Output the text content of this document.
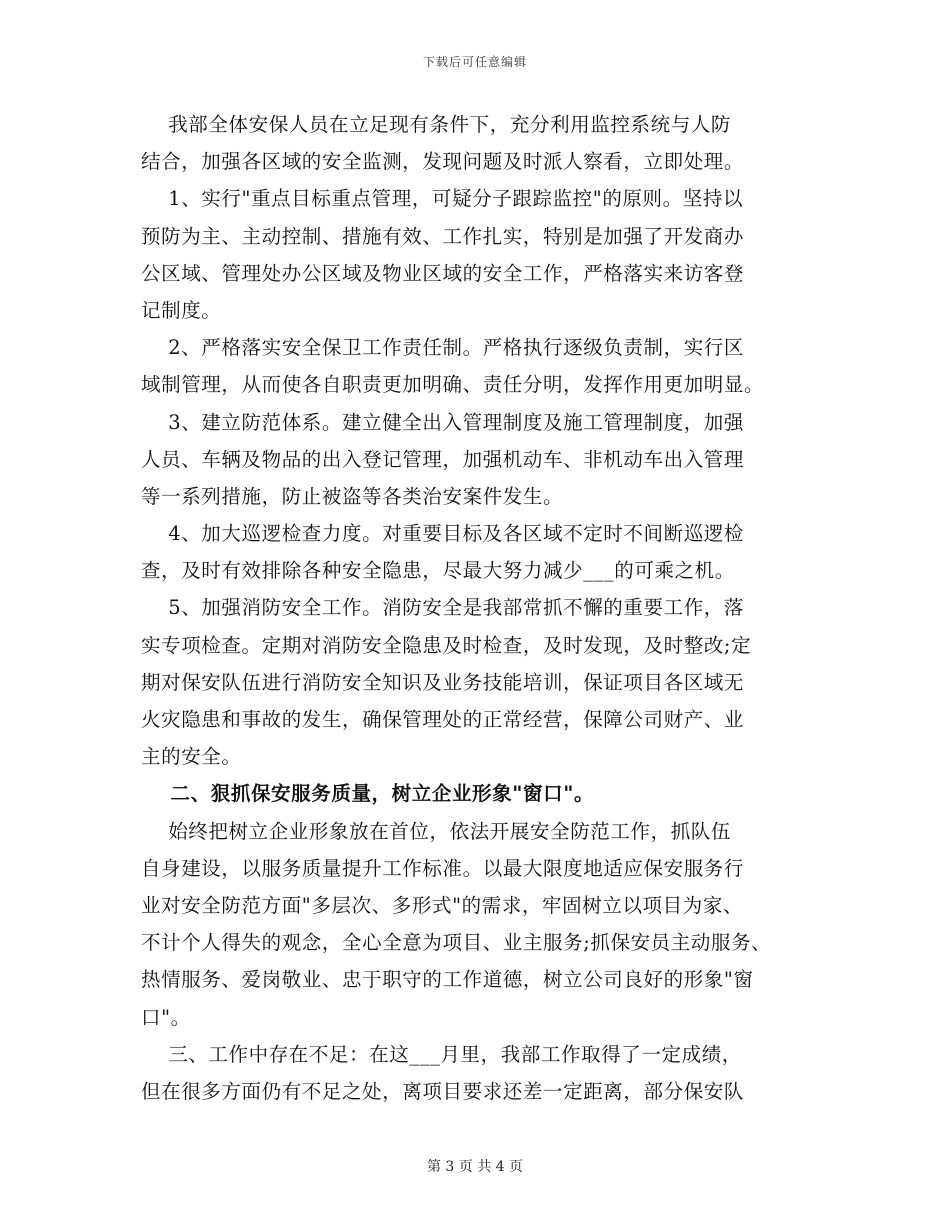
下载后可任意编辑
我部全体安保人员在立足现有条件下，充分利用监控系统与人防
结合，加强各区域的安全监测，发现问题及时派人察看，立即处理。
1、实行"重点目标重点管理，可疑分子跟踪监控"的原则。坚持以
预防为主、主动控制、措施有效、工作扎实，特别是加强了开发商办
公区域、管理处办公区域及物业区域的安全工作，严格落实来访客登
记制度。
2、严格落实安全保卫工作责任制。严格执行逐级负责制，实行区
域制管理，从而使各自职责更加明确、责任分明，发挥作用更加明显。
3、建立防范体系。建立健全出入管理制度及施工管理制度，加强
人员、车辆及物品的出入登记管理，加强机动车、非机动车出入管理
等一系列措施，防止被盗等各类治安案件发生。
4、加大巡逻检查力度。对重要目标及各区域不定时不间断巡逻检
查，及时有效排除各种安全隐患，尽最大努力减少___的可乘之机。
5、加强消防安全工作。消防安全是我部常抓不懈的重要工作，落
实专项检查。定期对消防安全隐患及时检查，及时发现，及时整改;定
期对保安队伍进行消防安全知识及业务技能培训，保证项目各区域无
火灾隐患和事故的发生，确保管理处的正常经营，保障公司财产、业
主的安全。
二、狠抓保安服务质量，树立企业形象"窗口"。
始终把树立企业形象放在首位，依法开展安全防范工作，抓队伍
自身建设，以服务质量提升工作标准。以最大限度地适应保安服务行
业对安全防范方面"多层次、多形式"的需求，牢固树立以项目为家、
不计个人得失的观念，全心全意为项目、业主服务;抓保安员主动服务、
热情服务、爱岗敬业、忠于职守的工作道德，树立公司良好的形象"窗
口"。
三、工作中存在不足：在这___月里，我部工作取得了一定成绩，
但在很多方面仍有不足之处，离项目要求还差一定距离，部分保安队
第 3 页 共 4 页
